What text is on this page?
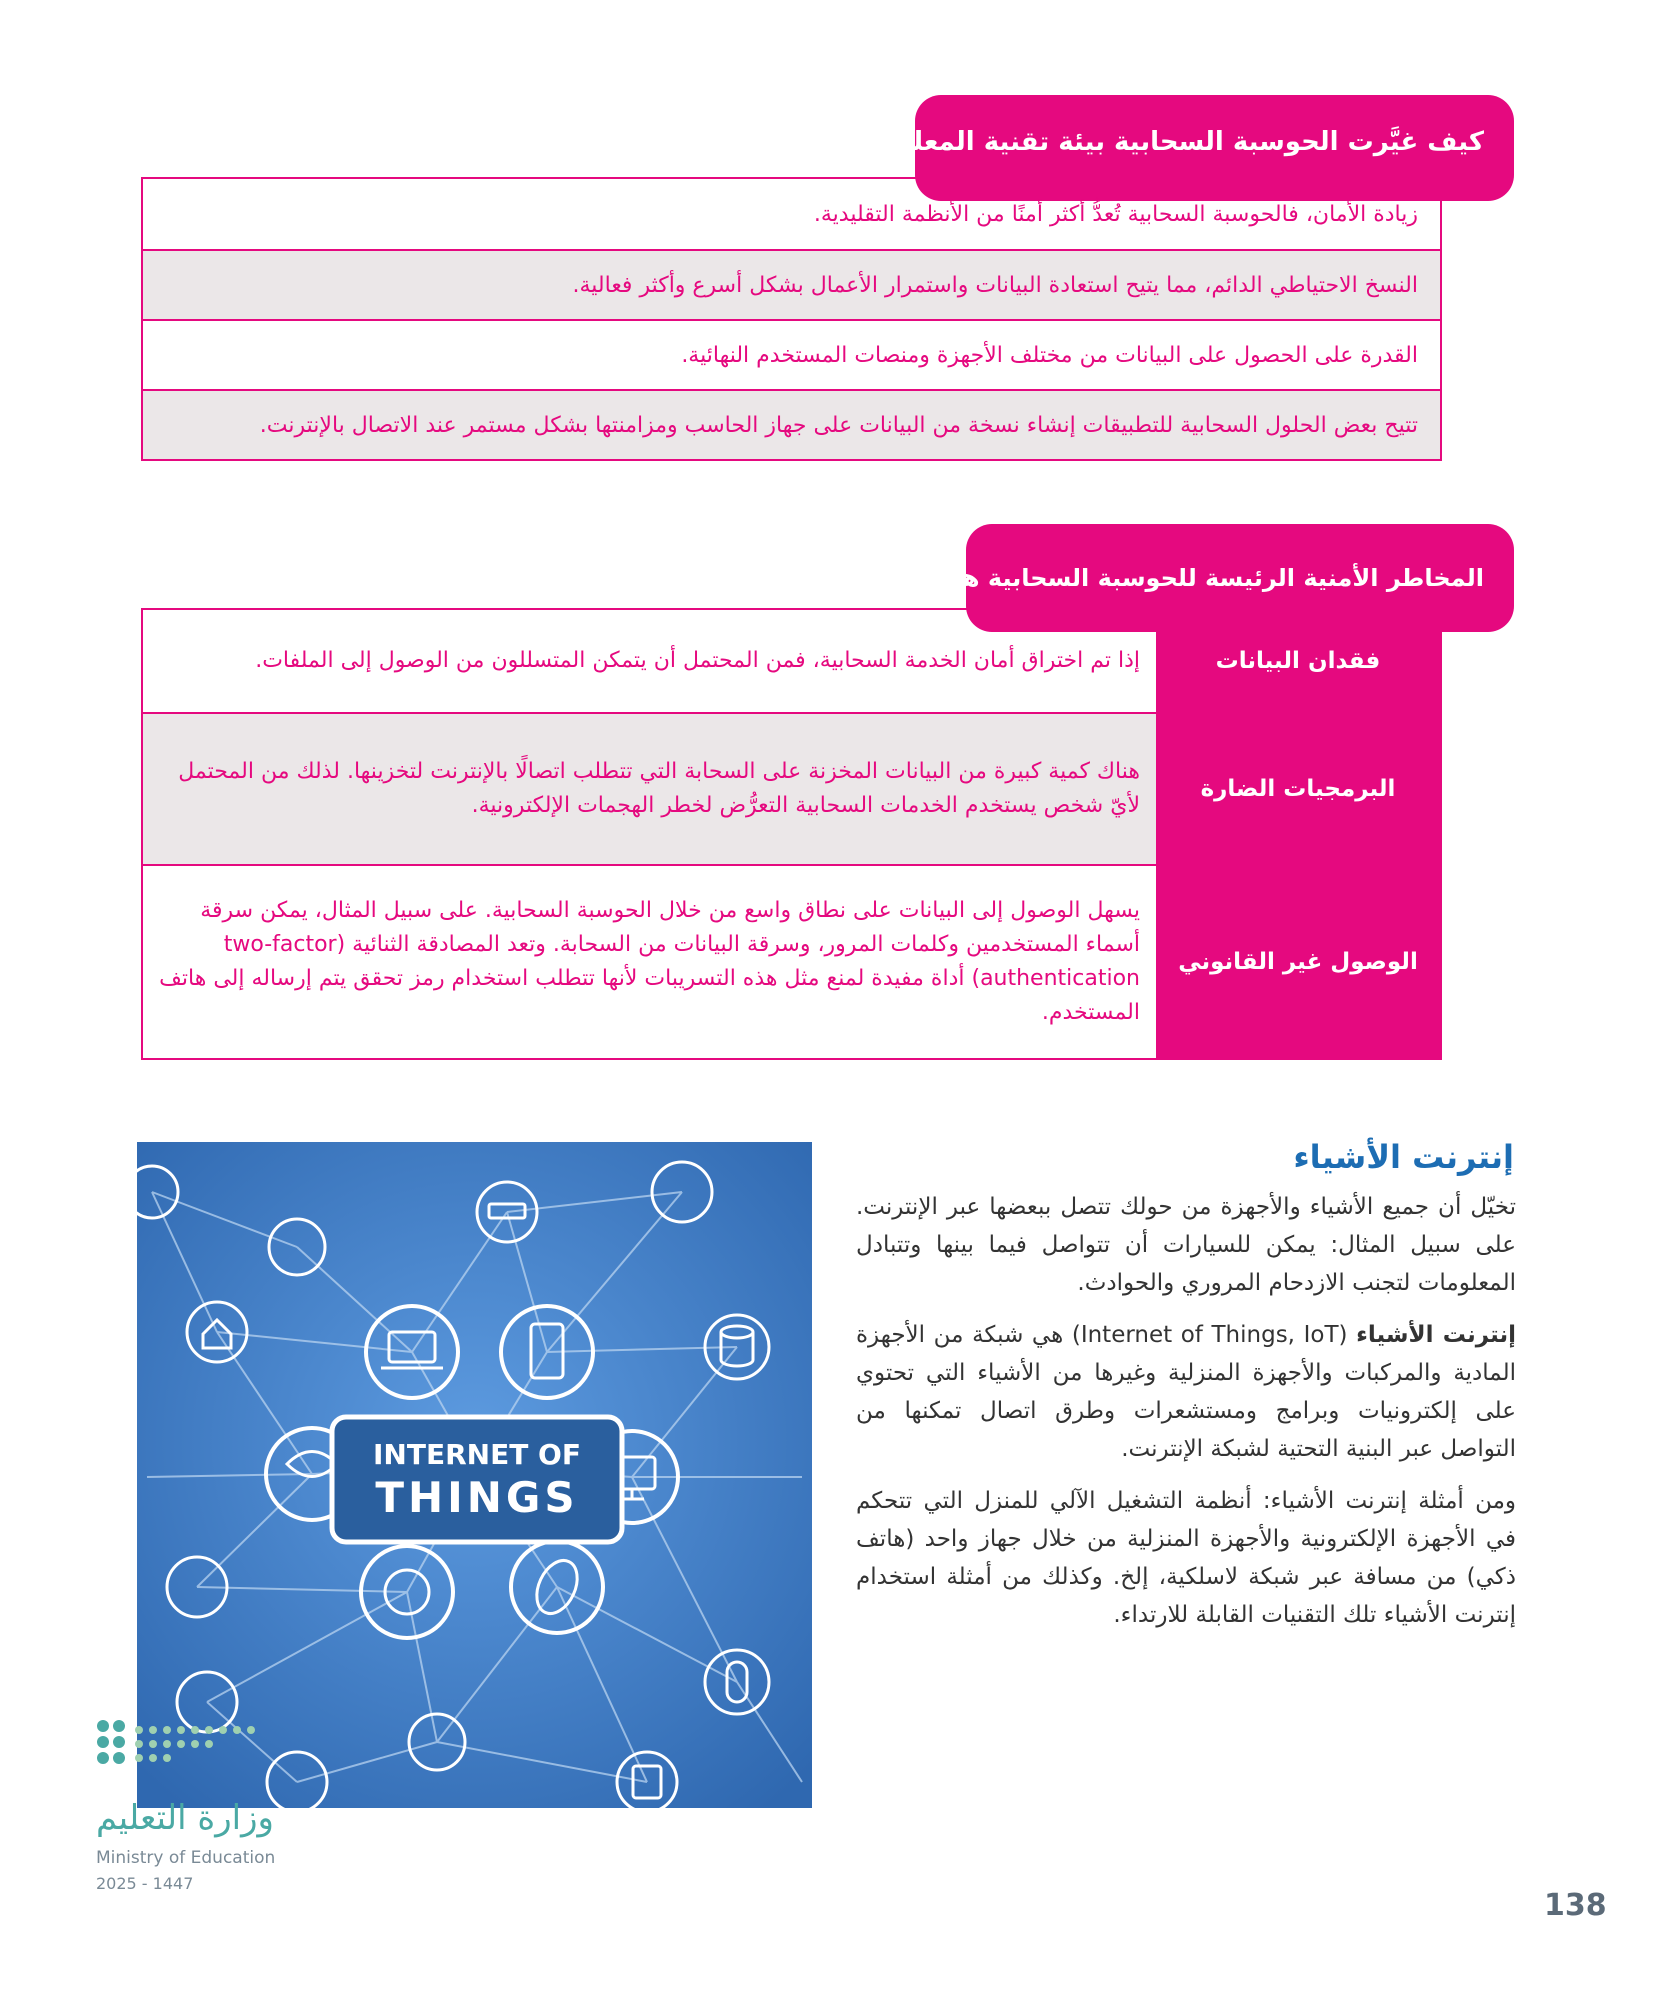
كيف غيَّرت الحوسبة السحابية بيئة تقنية المعلومات؟
زيادة الأمان، فالحوسبة السحابية تُعدُّ أكثر أمنًا من الأنظمة التقليدية.
النسخ الاحتياطي الدائم، مما يتيح استعادة البيانات واستمرار الأعمال بشكل أسرع وأكثر فعالية.
القدرة على الحصول على البيانات من مختلف الأجهزة ومنصات المستخدم النهائية.
تتيح بعض الحلول السحابية للتطبيقات إنشاء نسخة من البيانات على جهاز الحاسب ومزامنتها بشكل مستمر عند الاتصال بالإنترنت.
المخاطر الأمنية الرئيسة للحوسبة السحابية هي:
فقدان البيانات
إذا تم اختراق أمان الخدمة السحابية، فمن المحتمل أن يتمكن المتسللون من الوصول إلى الملفات.
البرمجيات الضارة
هناك كمية كبيرة من البيانات المخزنة على السحابة التي تتطلب اتصالًا بالإنترنت لتخزينها. لذلك من المحتمل لأيّ شخص يستخدم الخدمات السحابية التعرُّض لخطر الهجمات الإلكترونية.
الوصول غير القانوني
يسهل الوصول إلى البيانات على نطاق واسع من خلال الحوسبة السحابية. على سبيل المثال، يمكن سرقة أسماء المستخدمين وكلمات المرور، وسرقة البيانات من السحابة. وتعد المصادقة الثنائية (two-factor authentication) أداة مفيدة لمنع مثل هذه التسريبات لأنها تتطلب استخدام رمز تحقق يتم إرساله إلى هاتف المستخدم.
إنترنت الأشياء

تخيّل أن جميع الأشياء والأجهزة من حولك تتصل ببعضها عبر الإنترنت. على سبيل المثال: يمكن للسيارات أن تتواصل فيما بينها وتتبادل المعلومات لتجنب الازدحام المروري والحوادث.

إنترنت الأشياء (Internet of Things, IoT) هي شبكة من الأجهزة المادية والمركبات والأجهزة المنزلية وغيرها من الأشياء التي تحتوي على إلكترونيات وبرامج ومستشعرات وطرق اتصال تمكنها من التواصل عبر البنية التحتية لشبكة الإنترنت.

ومن أمثلة إنترنت الأشياء: أنظمة التشغيل الآلي للمنزل التي تتحكم في الأجهزة الإلكترونية والأجهزة المنزلية من خلال جهاز واحد (هاتف ذكي) من مسافة عبر شبكة لاسلكية، إلخ. وكذلك من أمثلة استخدام إنترنت الأشياء تلك التقنيات القابلة للارتداء.

INTERNET OF
THINGS
وزارة التعليم
Ministry of Education
2025 - 1447
138
